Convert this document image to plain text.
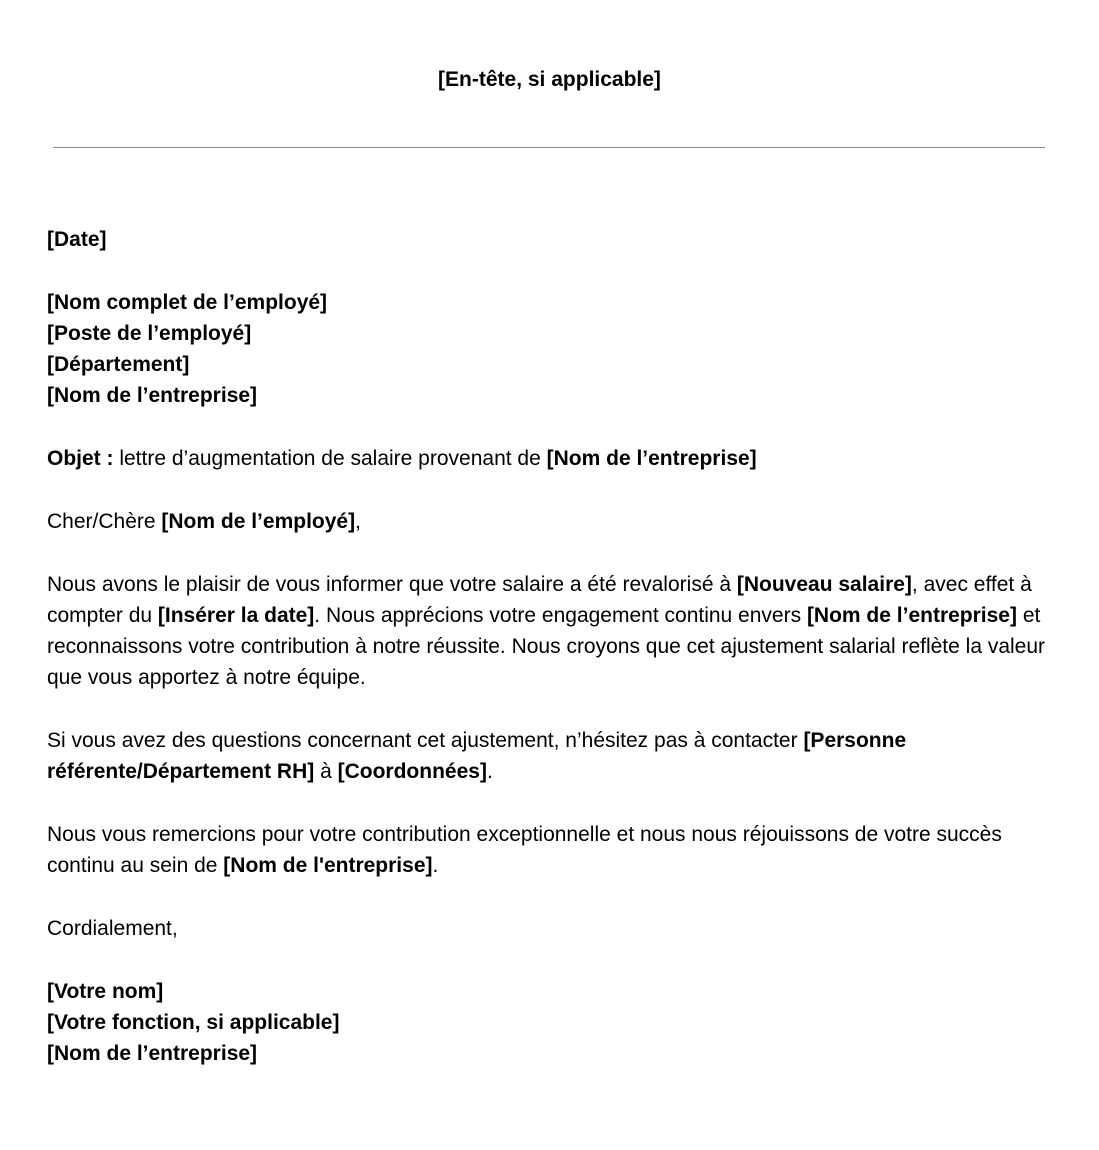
[En-tête, si applicable]

[Date]

[Nom complet de l’employé]
[Poste de l’employé]
[Département]
[Nom de l’entreprise]

Objet : lettre d’augmentation de salaire provenant de [Nom de l’entreprise]

Cher/Chère [Nom de l’employé],

Nous avons le plaisir de vous informer que votre salaire a été revalorisé à [Nouveau salaire], avec effet à compter du [Insérer la date]. Nous apprécions votre engagement continu envers [Nom de l’entreprise] et reconnaissons votre contribution à notre réussite. Nous croyons que cet ajustement salarial reflète la valeur que vous apportez à notre équipe.

Si vous avez des questions concernant cet ajustement, n’hésitez pas à contacter [Personne référente/Département RH] à [Coordonnées].

Nous vous remercions pour votre contribution exceptionnelle et nous nous réjouissons de votre succès continu au sein de [Nom de l'entreprise].

Cordialement,

[Votre nom]
[Votre fonction, si applicable]
[Nom de l’entreprise]
